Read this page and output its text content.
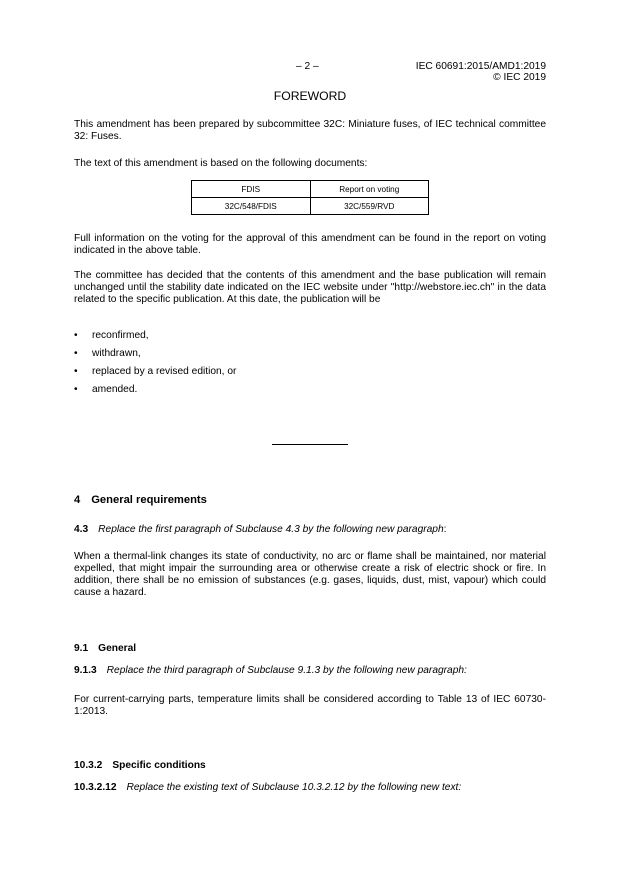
– 2 –	IEC 60691:2015/AMD1:2019
© IEC 2019
FOREWORD
This amendment has been prepared by subcommittee 32C: Miniature fuses, of IEC technical committee 32: Fuses.
The text of this amendment is based on the following documents:
FDIS	Report on voting
32C/548/FDIS	32C/559/RVD
Full information on the voting for the approval of this amendment can be found in the report on voting indicated in the above table.
The committee has decided that the contents of this amendment and the base publication will remain unchanged until the stability date indicated on the IEC website under "http://webstore.iec.ch" in the data related to the specific publication. At this date, the publication will be
• reconfirmed,
• withdrawn,
• replaced by a revised edition, or
• amended.
4 General requirements
4.3 Replace the first paragraph of Subclause 4.3 by the following new paragraph:
When a thermal-link changes its state of conductivity, no arc or flame shall be maintained, nor material expelled, that might impair the surrounding area or otherwise create a risk of electric shock or fire. In addition, there shall be no emission of substances (e.g. gases, liquids, dust, mist, vapour) which could cause a hazard.
9.1 General
9.1.3 Replace the third paragraph of Subclause 9.1.3 by the following new paragraph:
For current-carrying parts, temperature limits shall be considered according to Table 13 of IEC 60730-1:2013.
10.3.2 Specific conditions
10.3.2.12 Replace the existing text of Subclause 10.3.2.12 by the following new text:
